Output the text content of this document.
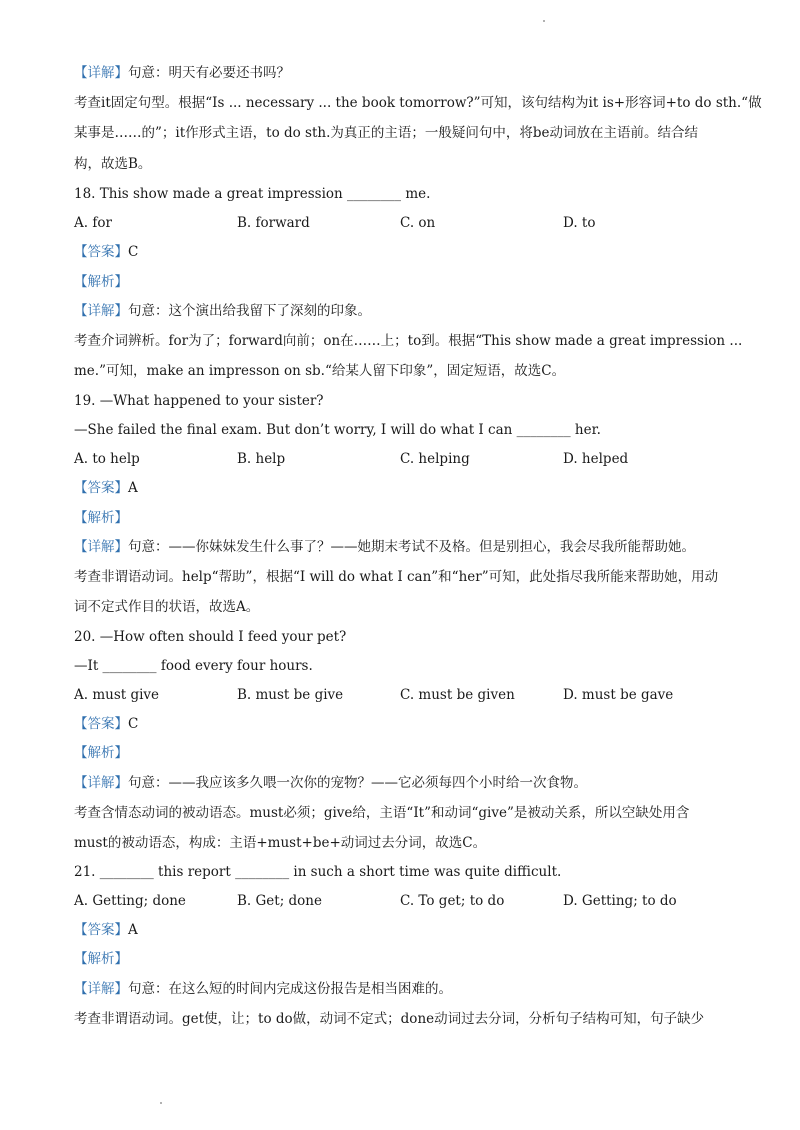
【详解】句意：明天有必要还书吗？
考查it固定句型。根据“Is ... necessary ... the book tomorrow?”可知，该句结构为it is+形容词+to do sth.“做
某事是……的”；it作形式主语，to do sth.为真正的主语；一般疑问句中，将be动词放在主语前。结合结
构，故选B。
18. This show made a great impression ________ me.
A. for	B. forward	C. on	D. to
【答案】C
【解析】
【详解】句意：这个演出给我留下了深刻的印象。
考查介词辨析。for为了；forward向前；on在……上；to到。根据“This show made a great impression ...
me.”可知，make an impresson on sb.“给某人留下印象”，固定短语，故选C。
19. —What happened to your sister?
—She failed the final exam. But don’t worry, I will do what I can ________ her.
A. to help	B. help	C. helping	D. helped
【答案】A
【解析】
【详解】句意：——你妹妹发生什么事了？——她期末考试不及格。但是别担心，我会尽我所能帮助她。
考查非谓语动词。help“帮助”，根据“I will do what I can”和“her”可知，此处指尽我所能来帮助她，用动
词不定式作目的状语，故选A。
20. —How often should I feed your pet?
—It ________ food every four hours.
A. must give	B. must be give	C. must be given	D. must be gave
【答案】C
【解析】
【详解】句意：——我应该多久喂一次你的宠物？——它必须每四个小时给一次食物。
考查含情态动词的被动语态。must必须；give给，主语“It”和动词“give”是被动关系，所以空缺处用含
must的被动语态，构成：主语+must+be+动词过去分词，故选C。
21. ________ this report ________ in such a short time was quite difficult.
A. Getting; done	B. Get; done	C. To get; to do	D. Getting; to do
【答案】A
【解析】
【详解】句意：在这么短的时间内完成这份报告是相当困难的。
考查非谓语动词。get使，让；to do做，动词不定式；done动词过去分词，分析句子结构可知，句子缺少
